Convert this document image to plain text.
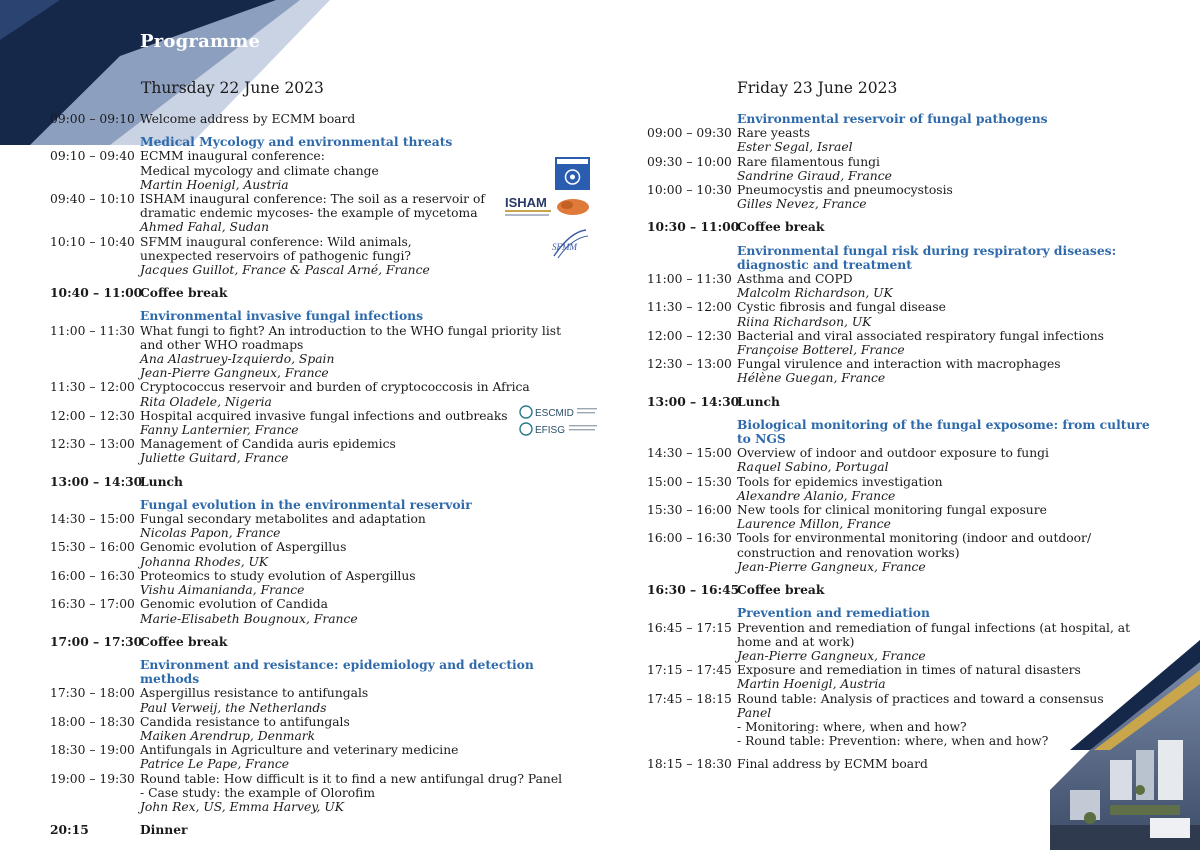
Programme
ISHAM
SFMM
ESCMID
EFISG
Thursday 22 June 2023	Friday 23 June 2023
09:00 – 09:10 Welcome address by ECMM board
Medical Mycology and environmental threats
09:10 – 09:40 ECMM inaugural conference:
Medical mycology and climate change
Martin Hoenigl, Austria
09:40 – 10:10 ISHAM inaugural conference: The soil as a reservoir of
dramatic endemic mycoses- the example of mycetoma
Ahmed Fahal, Sudan
10:10 – 10:40 SFMM inaugural conference: Wild animals,
unexpected reservoirs of pathogenic fungi?
Jacques Guillot, France & Pascal Arné, France
10:40 – 11:00
Coffee break
Environmental invasive fungal infections
11:00 – 11:30 What fungi to fight? An introduction to the WHO fungal priority list
and other WHO roadmaps
Ana Alastruey-Izquierdo, Spain
Jean-Pierre Gangneux, France
11:30 – 12:00 Cryptococcus reservoir and burden of cryptococcosis in Africa
Rita Oladele, Nigeria
12:00 – 12:30 Hospital acquired invasive fungal infections and outbreaks
Fanny Lanternier, France
12:30 – 13:00 Management of Candida auris epidemics
Juliette Guitard, France
13:00 – 14:30
Lunch
Fungal evolution in the environmental reservoir
14:30 – 15:00 Fungal secondary metabolites and adaptation
Nicolas Papon, France
15:30 – 16:00 Genomic evolution of Aspergillus
Johanna Rhodes, UK
16:00 – 16:30 Proteomics to study evolution of Aspergillus
Vishu Aimanianda, France
16:30 – 17:00 Genomic evolution of Candida
Marie-Elisabeth Bougnoux, France
17:00 – 17:30
Coffee break
Environment and resistance: epidemiology and detection methods
17:30 – 18:00 Aspergillus resistance to antifungals
Paul Verweij, the Netherlands
18:00 – 18:30 Candida resistance to antifungals
Maiken Arendrup, Denmark
18:30 – 19:00 Antifungals in Agriculture and veterinary medicine
Patrice Le Pape, France
19:00 – 19:30 Round table: How difficult is it to find a new antifungal drug? Panel
- Case study: the example of Olorofim
John Rex, US, Emma Harvey, UK
20:15	Dinner
Environmental reservoir of fungal pathogens
09:00 – 09:30 Rare yeasts
Ester Segal, Israel
09:30 – 10:00 Rare filamentous fungi
Sandrine Giraud, France
10:00 – 10:30 Pneumocystis and pneumocystosis
Gilles Nevez, France
10:30 – 11:00
Coffee break
Environmental fungal risk during respiratory diseases:
diagnostic and treatment
11:00 – 11:30 Asthma and COPD
Malcolm Richardson, UK
11:30 – 12:00 Cystic fibrosis and fungal disease
Riina Richardson, UK
12:00 – 12:30 Bacterial and viral associated respiratory fungal infections
Françoise Botterel, France
12:30 – 13:00 Fungal virulence and interaction with macrophages
Hélène Guegan, France
13:00 – 14:30
Lunch
Biological monitoring of the fungal exposome: from culture to NGS
14:30 – 15:00 Overview of indoor and outdoor exposure to fungi
Raquel Sabino, Portugal
15:00 – 15:30 Tools for epidemics investigation
Alexandre Alanio, France
15:30 – 16:00 New tools for clinical monitoring fungal exposure
Laurence Millon, France
16:00 – 16:30 Tools for environmental monitoring (indoor and outdoor/
construction and renovation works)
Jean-Pierre Gangneux, France
16:30 – 16:45
Coffee break
Prevention and remediation
16:45 – 17:15 Prevention and remediation of fungal infections (at hospital, at
home and at work)
Jean-Pierre Gangneux, France
17:15 – 17:45 Exposure and remediation in times of natural disasters
Martin Hoenigl, Austria
17:45 – 18:15 Round table: Analysis of practices and toward a consensus
Panel
- Monitoring: where, when and how?
- Round table: Prevention: where, when and how?
18:15 – 18:30 Final address by ECMM board
